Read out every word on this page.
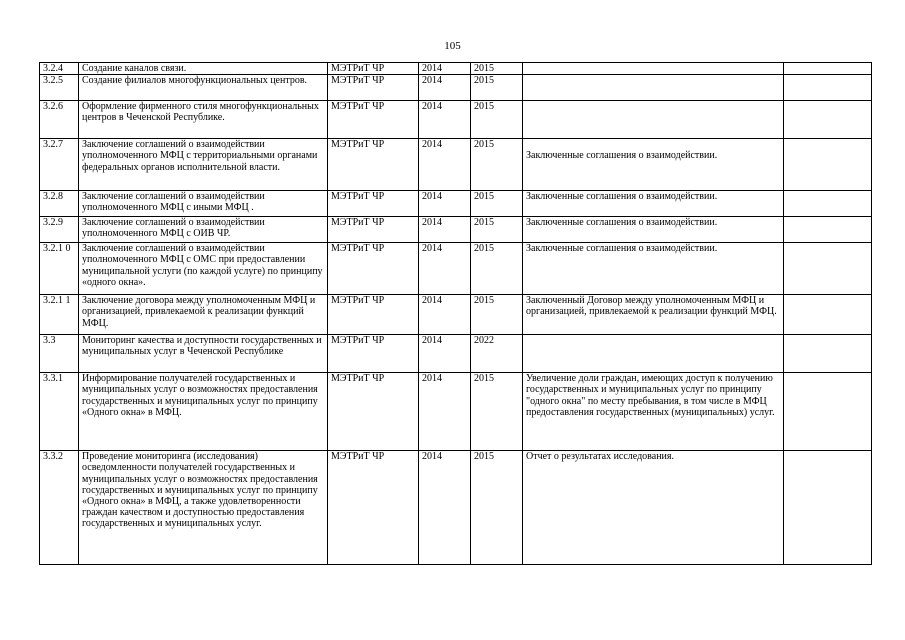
105
3.2.4	Создание каналов связи.	МЭТРиТ ЧР	2014	2015		
3.2.5	Создание филиалов многофункциональных центров.	МЭТРиТ ЧР	2014	2015		
3.2.6	Оформление фирменного стиля многофункциональных центров в Чеченской Республике.	МЭТРиТ ЧР	2014	2015		
3.2.7	Заключение соглашений о взаимодействии уполномоченного МФЦ с территориальными органами федеральных органов исполнительной власти.	МЭТРиТ ЧР	2014	2015	Заключенные соглашения о взаимодействии.	

3.2.8	Заключение соглашений о взаимодействии уполномоченного МФЦ с иными МФЦ .	МЭТРиТ ЧР	2014	2015	Заключенные соглашения о взаимодействии.	
3.2.9	Заключение соглашений о взаимодействии уполномоченного МФЦ с ОИВ ЧР.	МЭТРиТ ЧР	2014	2015	Заключенные соглашения о взаимодействии.	
3.2.1 0	Заключение соглашений о взаимодействии уполномоченного МФЦ с ОМС при предоставлении муниципальной услуги (по каждой услуге) по принципу «одного окна».	МЭТРиТ ЧР	2014	2015	Заключенные соглашения о взаимодействии.	
3.2.1 1	Заключение договора между уполномоченным МФЦ и организацией, привлекаемой к реализации функций МФЦ.	МЭТРиТ ЧР	2014	2015	Заключенный Договор между уполномоченным МФЦ и организацией, привлекаемой к реализации функций МФЦ.	
3.3	Мониторинг качества и доступности государственных и муниципальных услуг в Чеченской Республике	МЭТРиТ ЧР	2014	2022		
3.3.1	Информирование получателей государственных и муниципальных услуг о возможностях предоставления государственных и муниципальных услуг по принципу «Одного окна» в МФЦ.	МЭТРиТ ЧР	2014	2015	Увеличение доли граждан, имеющих доступ к получению государственных и муниципальных услуг по принципу "одного окна" по месту пребывания, в том числе в МФЦ предоставления государственных (муниципальных) услуг.	
3.3.2	Проведение мониторинга (исследования) осведомленности получателей государственных и муниципальных услуг о возможностях предоставления государственных и муниципальных услуг по принципу «Одного окна» в МФЦ, а также удовлетворенности граждан качеством и доступностью предоставления государственных и муниципальных услуг.	МЭТРиТ ЧР	2014	2015	Отчет о результатах исследования.	
